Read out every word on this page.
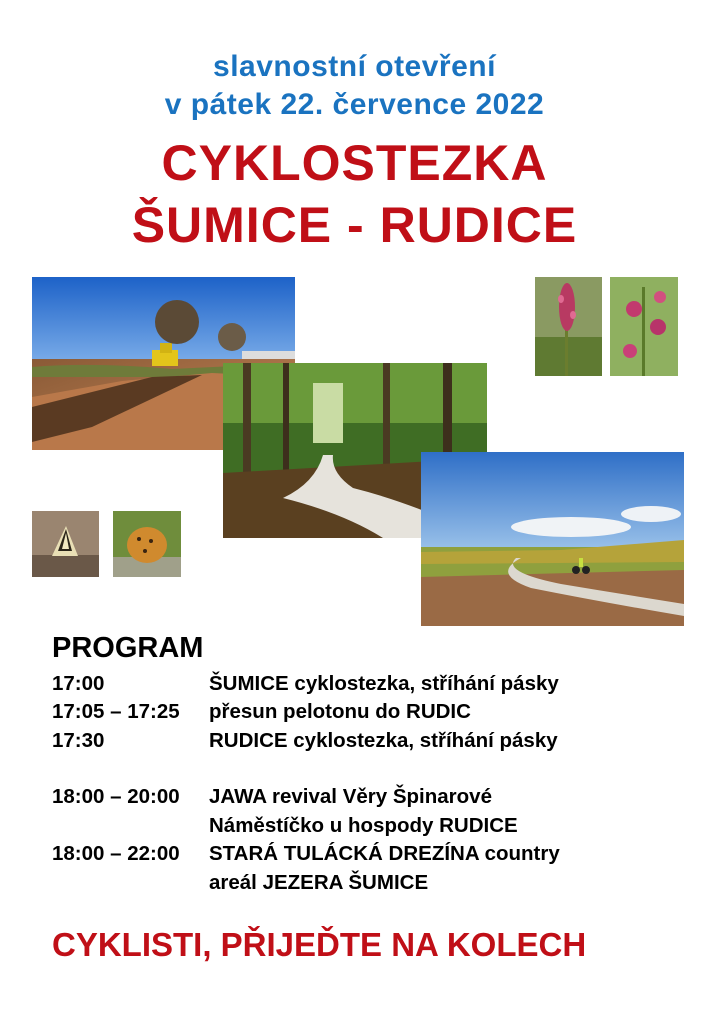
slavnostní otevření
v pátek 22. července 2022
CYKLOSTEZKA
ŠUMICE - RUDICE
PROGRAM
17:00	ŠUMICE cyklostezka, stříhání pásky
17:05 – 17:25 přesun pelotonu do RUDIC
17:30	RUDICE cyklostezka, stříhání pásky
18:00 – 20:00 JAWA revival Věry Špinarové
Náměstíčko u hospody RUDICE
18:00 – 22:00 STARÁ TULÁCKÁ DREZÍNA country
areál JEZERA ŠUMICE
CYKLISTI, PŘIJEĎTE NA KOLECH
